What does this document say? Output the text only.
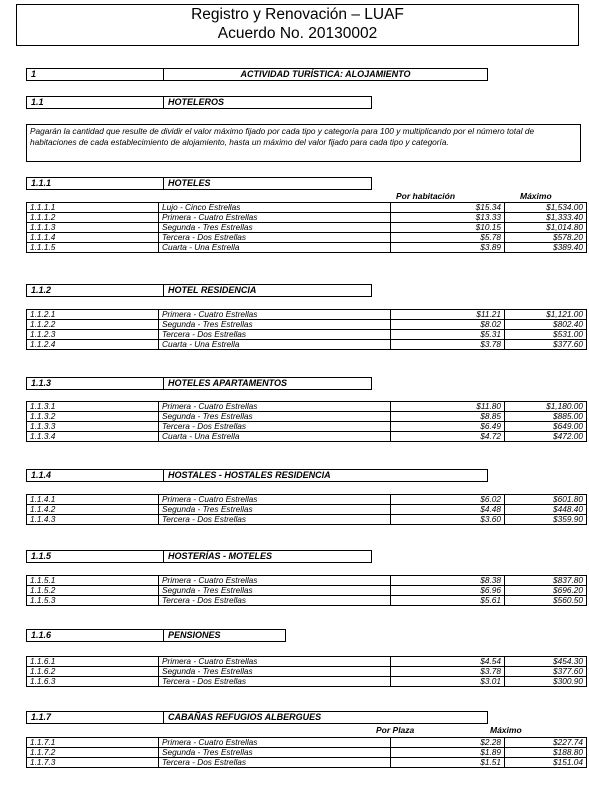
Registro y Renovación – LUAF
Acuerdo No. 20130002
1	ACTIVIDAD TURÍSTICA: ALOJAMIENTO
1.1	HOTELEROS
Pagarán la cantidad que resulte de dividir el valor máximo fijado por cada tipo y categoría para 100 y multiplicando por el número total de habitaciones de cada establecimiento de alojamiento, hasta un máximo del valor fijado para cada tipo y categoría.
1.1.1	HOTELES
Por habitación	Máximo
1.1.1.1	Lujo - Cinco Estrellas	$15.34	$1,534.00
1.1.1.2	Primera - Cuatro Estrellas	$13.33	$1,333.40
1.1.1.3	Segunda - Tres Estrellas	$10.15	$1,014.80
1.1.1.4	Tercera - Dos Estrellas	$5.78	$578.20
1.1.1.5	Cuarta - Una Estrella	$3.89	$389.40
1.1.2	HOTEL RESIDENCIA
1.1.2.1	Primera - Cuatro Estrellas	$11.21	$1,121.00
1.1.2.2	Segunda - Tres Estrellas	$8.02	$802.40
1.1.2.3	Tercera - Dos Estrellas	$5.31	$531.00
1.1.2.4	Cuarta - Una Estrella	$3.78	$377.60
1.1.3	HOTELES APARTAMENTOS
1.1.3.1	Primera - Cuatro Estrellas	$11.80	$1,180.00
1.1.3.2	Segunda - Tres Estrellas	$8.85	$885.00
1.1.3.3	Tercera - Dos Estrellas	$6.49	$649.00
1.1.3.4	Cuarta - Una Estrella	$4.72	$472.00
1.1.4	HOSTALES - HOSTALES RESIDENCIA
1.1.4.1	Primera - Cuatro Estrellas	$6.02	$601.80
1.1.4.2	Segunda - Tres Estrellas	$4.48	$448.40
1.1.4.3	Tercera - Dos Estrellas	$3.60	$359.90
1.1.5	HOSTERÍAS - MOTELES
1.1.5.1	Primera - Cuatro Estrellas	$8.38	$837.80
1.1.5.2	Segunda - Tres Estrellas	$6.96	$696.20
1.1.5.3	Tercera - Dos Estrellas	$5.61	$560.50
1.1.6	PENSIONES
1.1.6.1	Primera - Cuatro Estrellas	$4.54	$454.30
1.1.6.2	Segunda - Tres Estrellas	$3.78	$377.60
1.1.6.3	Tercera - Dos Estrellas	$3.01	$300.90
1.1.7	CABAÑAS REFUGIOS ALBERGUES
Por Plaza	Máximo
1.1.7.1	Primera - Cuatro Estrellas	$2.28	$227.74
1.1.7.2	Segunda - Tres Estrellas	$1.89	$188.80
1.1.7.3	Tercera - Dos Estrellas	$1.51	$151.04
